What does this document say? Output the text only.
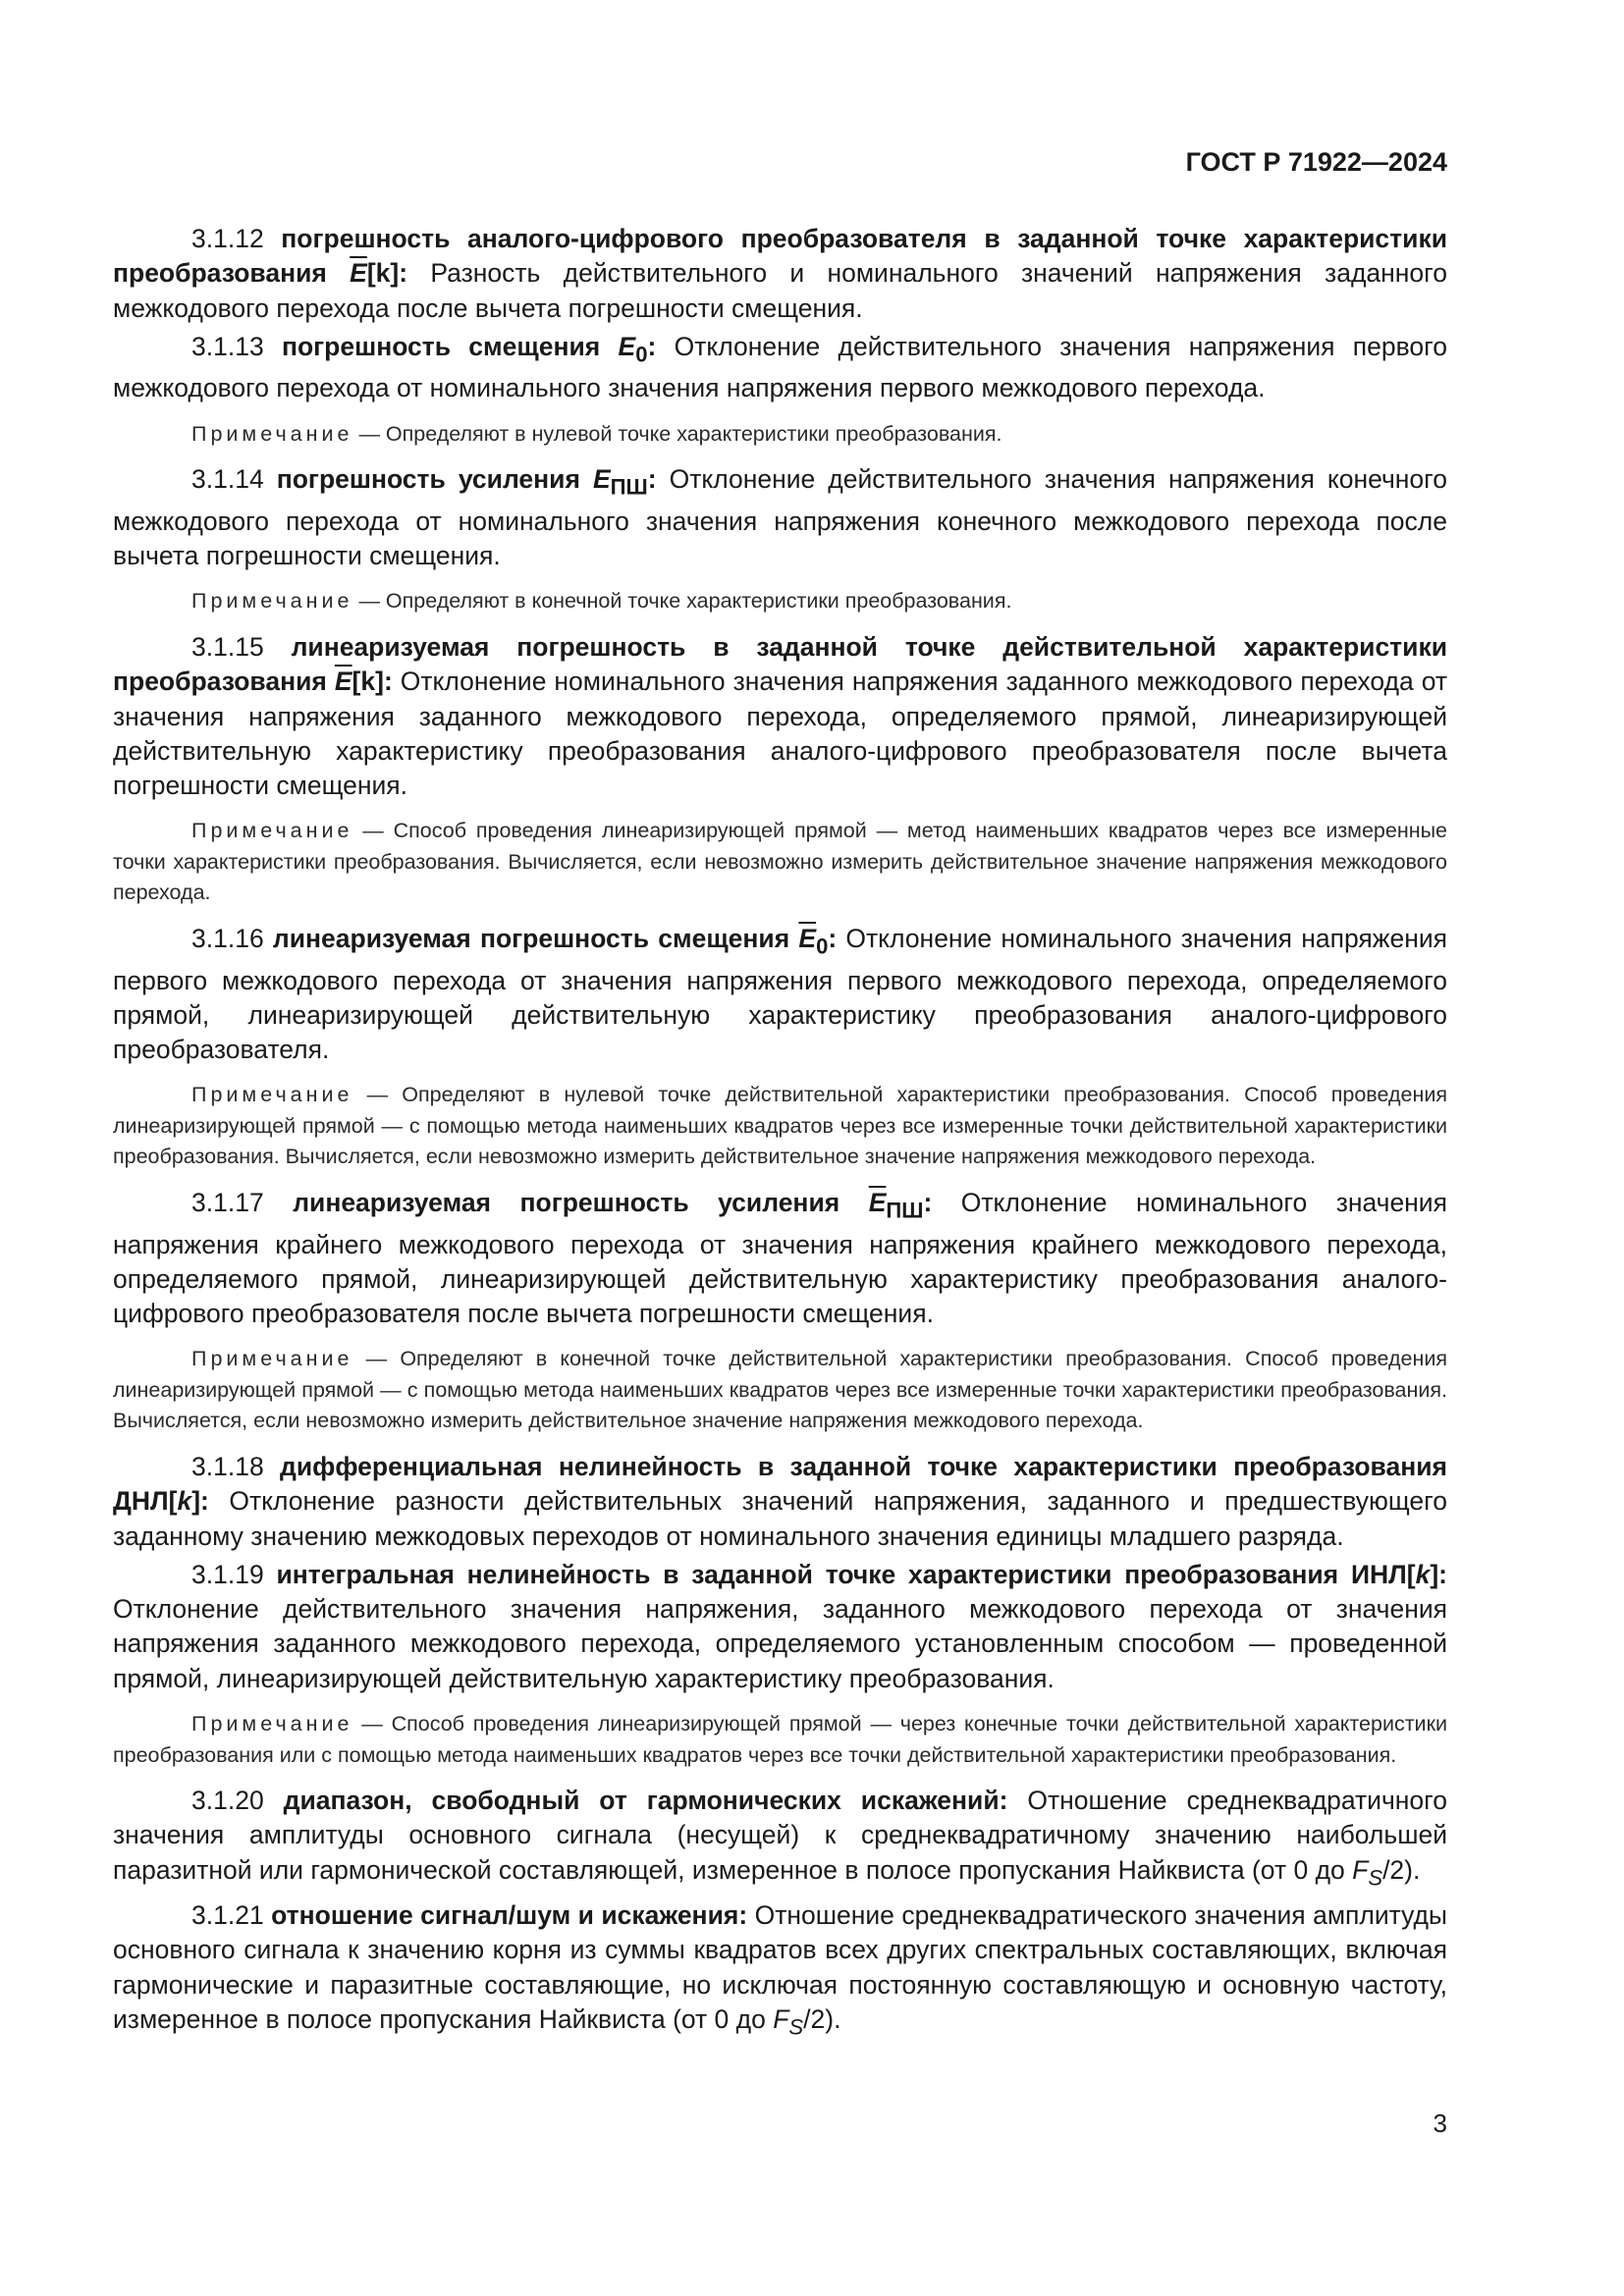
ГОСТ Р 71922—2024

3.1.12 погрешность аналого-цифрового преобразователя в заданной точке характеристики преобразования $\overline{E}[k]$: Разность действительного и номинального значений напряжения заданного межкодового перехода после вычета погрешности смещения.

3.1.13 погрешность смещения $E_0$: Отклонение действительного значения напряжения первого межкодового перехода от номинального значения напряжения первого межкодового перехода.

Примечание — Определяют в нулевой точке характеристики преобразования.

3.1.14 погрешность усиления $E_{ПШ}$: Отклонение действительного значения напряжения конечного межкодового перехода от номинального значения напряжения конечного межкодового перехода после вычета погрешности смещения.

Примечание — Определяют в конечной точке характеристики преобразования.

3.1.15 линеаризуемая погрешность в заданной точке действительной характеристики преобразования $\overline{E}[k]$: Отклонение номинального значения напряжения заданного межкодового перехода от значения напряжения заданного межкодового перехода, определяемого прямой, линеаризирующей действительную характеристику преобразования аналого-цифрового преобразователя после вычета погрешности смещения.

Примечание — Способ проведения линеаризирующей прямой — метод наименьших квадратов через все измеренные точки характеристики преобразования. Вычисляется, если невозможно измерить действительное значение напряжения межкодового перехода.

3.1.16 линеаризуемая погрешность смещения $\overline{E}_0$: Отклонение номинального значения напряжения первого межкодового перехода от значения напряжения первого межкодового перехода, определяемого прямой, линеаризирующей действительную характеристику преобразования аналого-цифрового преобразователя.

Примечание — Определяют в нулевой точке действительной характеристики преобразования. Способ проведения линеаризирующей прямой — с помощью метода наименьших квадратов через все измеренные точки действительной характеристики преобразования. Вычисляется, если невозможно измерить действительное значение напряжения межкодового перехода.

3.1.17 линеаризуемая погрешность усиления $\overline{E}_{ПШ}$: Отклонение номинального значения напряжения крайнего межкодового перехода от значения напряжения крайнего межкодового перехода, определяемого прямой, линеаризирующей действительную характеристику преобразования аналого-цифрового преобразователя после вычета погрешности смещения.

Примечание — Определяют в конечной точке действительной характеристики преобразования. Способ проведения линеаризирующей прямой — с помощью метода наименьших квадратов через все измеренные точки характеристики преобразования. Вычисляется, если невозможно измерить действительное значение напряжения межкодового перехода.

3.1.18 дифференциальная нелинейность в заданной точке характеристики преобразования ДНЛ[k]: Отклонение разности действительных значений напряжения, заданного и предшествующего заданному значению межкодовых переходов от номинального значения единицы младшего разряда.

3.1.19 интегральная нелинейность в заданной точке характеристики преобразования ИНЛ[k]: Отклонение действительного значения напряжения, заданного межкодового перехода от значения напряжения заданного межкодового перехода, определяемого установленным способом — проведенной прямой, линеаризирующей действительную характеристику преобразования.

Примечание — Способ проведения линеаризирующей прямой — через конечные точки действительной характеристики преобразования или с помощью метода наименьших квадратов через все точки действительной характеристики преобразования.

3.1.20 диапазон, свободный от гармонических искажений: Отношение среднеквадратичного значения амплитуды основного сигнала (несущей) к среднеквадратичному значению наибольшей паразитной или гармонической составляющей, измеренное в полосе пропускания Найквиста (от 0 до $F_S/2$).

3.1.21 отношение сигнал/шум и искажения: Отношение среднеквадратического значения амплитуды основного сигнала к значению корня из суммы квадратов всех других спектральных составляющих, включая гармонические и паразитные составляющие, но исключая постоянную составляющую и основную частоту, измеренное в полосе пропускания Найквиста (от 0 до $F_S/2$).

3
